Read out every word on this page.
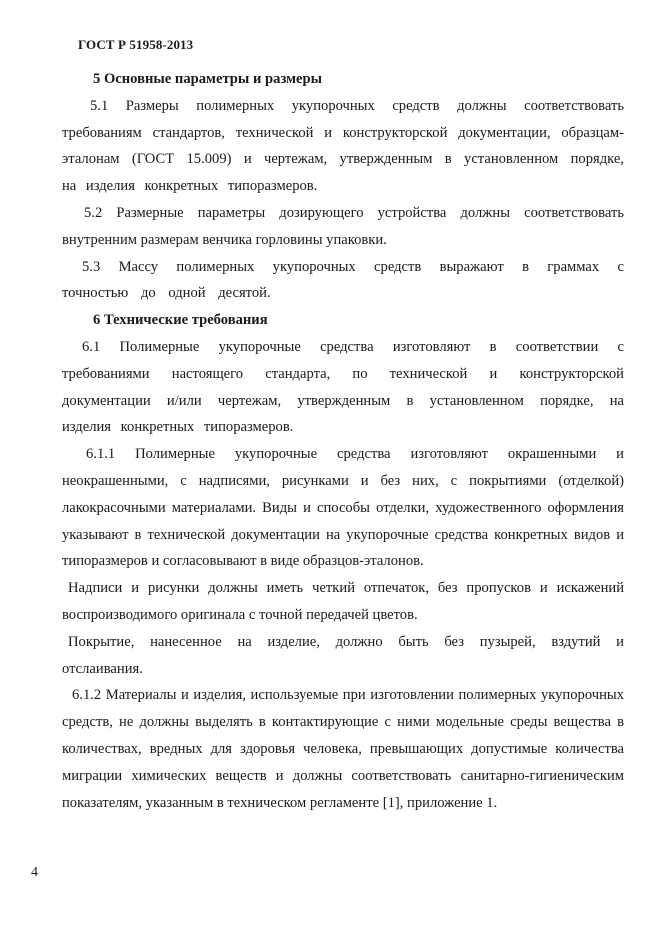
ГОСТ Р 51958-2013

5 Основные параметры и размеры

5.1 Размеры полимерных укупорочных средств должны соответствовать требованиям стандартов, технической и конструкторской документации, образцам-эталонам (ГОСТ 15.009) и чертежам, утвержденным в установленном порядке, на изделия конкретных типоразмеров.

5.2 Размерные параметры дозирующего устройства должны соответствовать внутренним размерам венчика горловины упаковки.

5.3 Массу полимерных укупорочных средств выражают в граммах с точностью до одной десятой.

6 Технические требования

6.1 Полимерные укупорочные средства изготовляют в соответствии с требованиями настоящего стандарта, по технической и конструкторской документации и/или чертежам, утвержденным в установленном порядке, на изделия конкретных типоразмеров.

6.1.1 Полимерные укупорочные средства изготовляют окрашенными и неокрашенными, с надписями, рисунками и без них, с покрытиями (отделкой) лакокрасочными материалами. Виды и способы отделки, художественного оформления указывают в технической документации на укупорочные средства конкретных видов и типоразмеров и согласовывают в виде образцов-эталонов.

Надписи и рисунки должны иметь четкий отпечаток, без пропусков и искажений воспроизводимого оригинала с точной передачей цветов.

Покрытие, нанесенное на изделие, должно быть без пузырей, вздутий и отслаивания.

6.1.2 Материалы и изделия, используемые при изготовлении полимерных укупорочных средств, не должны выделять в контактирующие с ними модельные среды вещества в количествах, вредных для здоровья человека, превышающих допустимые количества миграции химических веществ и должны соответствовать санитарно-гигиеническим показателям, указанным в техническом регламенте [1], приложение 1.

4
